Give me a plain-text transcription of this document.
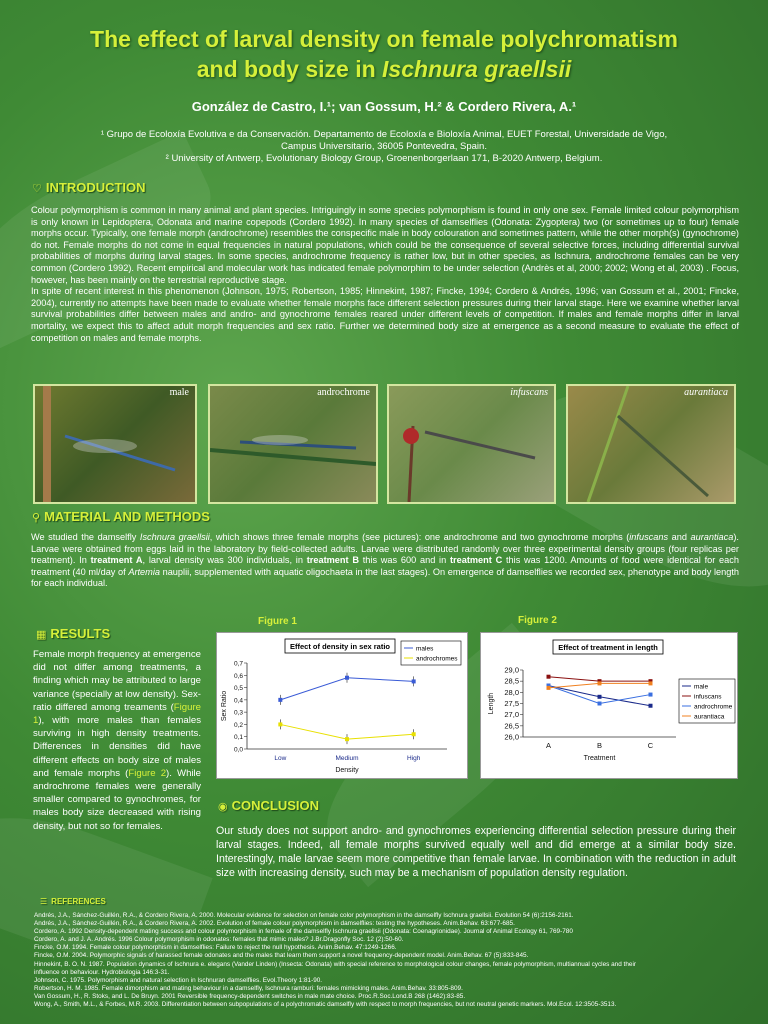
The effect of larval density on female polychromatism
and body size in Ischnura graellsii
González de Castro, I.¹; van Gossum, H.² & Cordero Rivera, A.¹
¹ Grupo de Ecoloxía Evolutiva e da Conservación. Departamento de Ecoloxía e Bioloxía Animal, EUET Forestal, Universidade de Vigo,
Campus Universitario, 36005 Pontevedra, Spain.
² University of Antwerp, Evolutionary Biology Group, Groenenborgerlaan 171, B-2020 Antwerp, Belgium.
♡ INTRODUCTION
Colour polymorphism is common in many animal and plant species. Intriguingly in some species polymorphism is found in only one sex. Female limited colour polymorphism is only known in Lepidoptera, Odonata and marine copepods (Cordero 1992). In many species of damselflies (Odonata: Zygoptera) two (or sometimes up to four) female morphs occur. Typically, one female morph (androchrome) resembles the conspecific male in body colouration and sometimes pattern, while the other morph(s) (gynochrome) do not. Female morphs do not come in equal frequencies in natural populations, which could be the consequence of several selective forces, including differential survival probabilities of morphs during larval stages. In some species, androchrome frequency is rather low, but in other species, as Ischnura, androchrome females can be very common (Cordero 1992). Recent empirical and molecular work has indicated female polymorphim to be under selection (Andrès et al, 2000; 2002; Wong et al, 2003) . Focus, however, has been mainly on the terrestrial reproductive stage.
In spite of recent interest in this phenomenon (Johnson, 1975; Robertson, 1985; Hinnekint, 1987; Fincke, 1994; Cordero & Andrés, 1996; van Gossum et al., 2001; Fincke, 2004), currently no attempts have been made to evaluate whether female morphs face different selection pressures during their larval stage. Here we examine whether larval survival probabilities differ between males and andro- and gynochrome females reared under different levels of competition. If males and female morphs differ in larval mortality, we expect this to affect adult morph frequencies and sex ratio. Further we determined body size at emergence as a second measure to evaluate the effect of competition on males and female morphs.
male	androchrome	infuscans	aurantiaca
⚲ MATERIAL AND METHODS
We studied the damselfly Ischnura graellsii, which shows three female morphs (see pictures): one androchrome and two gynochrome morphs (infuscans and aurantiaca). Larvae were obtained from eggs laid in the laboratory by field-collected adults. Larvae were distributed randomly over three experimental density groups (four replicas per treatment). In treatment A, larval density was 300 individuals, in treatment B this was 600 and in treatment C this was 1200. Amounts of food were identical for each treatment (40 ml/day of Artemia nauplii, supplemented with aquatic oligochaeta in the last stages). On emergence of damselflies we recorded sex, phenotype and body length for each individual.
▦ RESULTS
Female morph frequency at emergence did not differ among treatments, a finding which may be attributed to large variance (specially at low density). Sex-ratio differed among treaments (Figure 1), with more males than females surviving in high density treatments. Differences in densities did have different effects on body size of males and female morphs (Figure 2). While androchrome females were generally smaller compared to gynochromes, for males body size decreased with rising density, but not so for females.
Figure 1	Figure 2
Effect of density in sex ratio
0,0
0,1
0,2
0,3
0,4
0,5
0,6
0,7
Low	Medium	High
Density
Sex Ratio
males
androchromes
Effect of treatment in length
26,0
26,5
27,0
27,5
28,0
28,5
29,0
A	B	C
Treatment
Length
male
infuscans
androchrome
aurantiaca
◉ CONCLUSION
Our study does not support andro- and gynochromes experiencing differential selection pressure during their larval stages. Indeed, all female morphs survived equally well and did emerge at a similar body size. Interestingly, male larvae seem more competitive than female larvae. In combination with the reduction in adult size with increasing density, such may be a mechanism of population density regulation.
☰ REFERENCES
Andrés, J.A., Sánchez-Guillén, R.A., & Cordero Rivera, A. 2000. Molecular evidence for selection on female color polymorphism in the damselfly Ischnura graellsii. Evolution 54 (6):2156-2161.
Andrés, J.A., Sánchez-Guillén, R.A., & Cordero Rivera, A. 2002. Evolution of female colour polymorphism in damselflies: testing the hypotheses. Anim.Behav. 63:677-685.
Cordero, A. 1992 Density-dependent mating success and colour polymorphism in female of the damselfly Ischnura graellsii (Odonata: Coenagrionidae). Journal of Animal Ecology 61, 769-780
Cordero, A. and J. A. Andrés. 1996 Colour polymorphism in odonates: females that mimic males? J.Br.Dragonfly Soc. 12 (2):50-60.
Fincke, O.M. 1994. Female colour polymorphism in damselflies: Failure to reject the null hypothesis. Anim.Behav. 47:1249-1266.
Fincke, O.M. 2004. Polymorphic signals of harassed female odonates and the males that learn them support a novel frequency-dependent model. Anim.Behav. 67 (5):833-845.
Hinnekint, B. O. N. 1987. Population dynamics of Ischnura e. elegans (Vander Linden) (Insecta: Odonata) with special reference to morphological colour changes, female polymorphism, multiannual cycles and their
influence on behaviour. Hydrobiologia 146:3-31.
Johnson, C. 1975. Polymorphism and natural selection in Ischnuran damselflies. Evol.Theory 1:81-90.
Robertson, H. M. 1985. Female dimorphism and mating behaviour in a damselfly, Ischnura ramburi: females mimicking males. Anim.Behav. 33:805-809.
Van Gossum, H., R. Stoks, and L. De Bruyn. 2001 Reversible frequency-dependent switches in male mate choice. Proc.R.Soc.Lond.B 268 (1462):83-85.
Wong, A., Smith, M.L., & Forbes, M.R. 2003. Differentiation between subpopulations of a polychromatic damselfly with respect to morph frequencies, but not neutral genetic markers. Mol.Ecol. 12:3505-3513.
